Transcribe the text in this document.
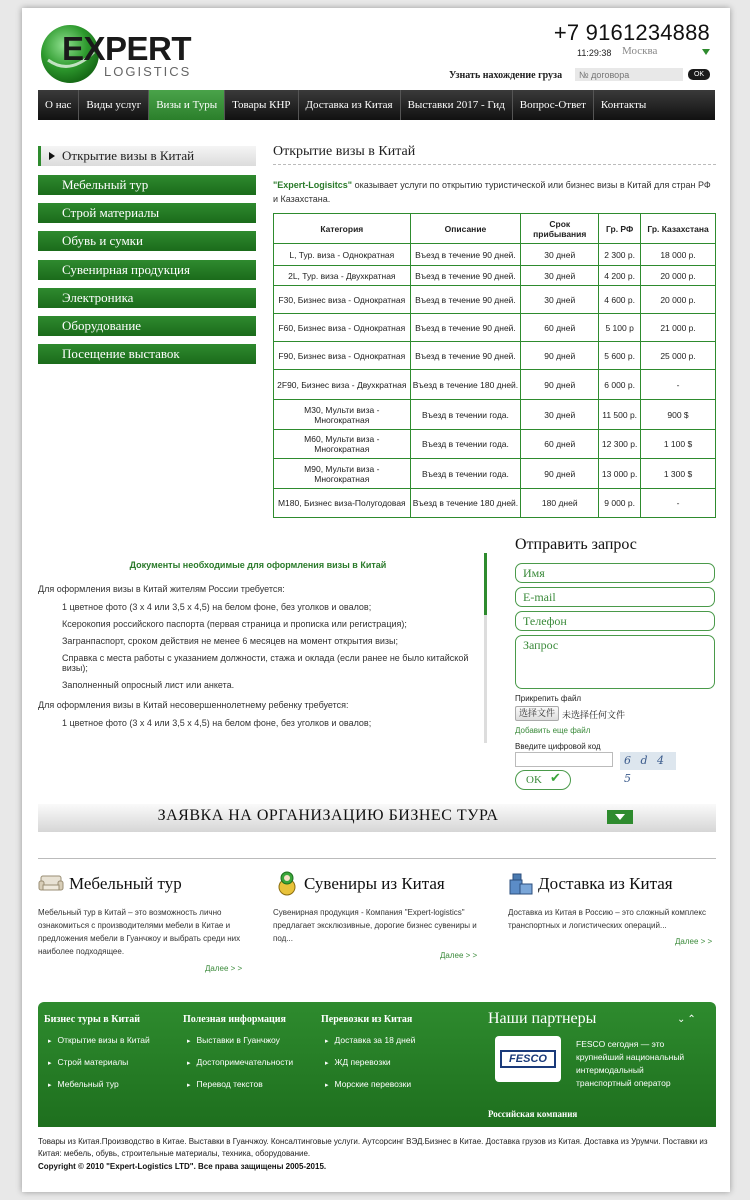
EXPERT
LOGISTICS
+7 9161234888
11:29:38 Москва
Узнать нахождение груза
№ договора	OK
О нас	Виды услуг	Визы и Туры	Товары КНР	Доставка из Китая	Выставки 2017 - Гид	Вопрос-Ответ	Контакты
Открытие визы в Китай
Мебельный тур
Строй материалы
Обувь и сумки
Сувенирная продукция
Электроника
Оборудование
Посещение выставок
Открытие визы в Китай
"Expert-Logisitcs" оказывает услуги по открытию туристической или бизнес визы в Китай для стран РФ и Казахстана.
Категория	Описание	Срок прибывания	Гр. РФ	Гр. Казахстана
L, Тур. виза - Однократная	Въезд в течение 90 дней.	30 дней	2 300 р.	18 000 р.
2L, Тур. виза - Двухкратная	Въезд в течение 90 дней.	30 дней	4 200 р.	20 000 р.
F30, Бизнес виза - Однократная	Въезд в течение 90 дней.	30 дней	4 600 р.	20 000 р.
F60, Бизнес виза - Однократная	Въезд в течение 90 дней.	60 дней	5 100 р	21 000 р.
F90, Бизнес виза - Однократная	Въезд в течение 90 дней.	90 дней	5 600 р.	25 000 р.
2F90, Бизнес виза - Двухкратная	Въезд в течение 180 дней.	90 дней	6 000 р.	-
M30, Мульти виза - Многократная	Въезд в течении года.	30 дней	11 500 р.	900 $
M60, Мульти виза - Многократная	Въезд в течении года.	60 дней	12 300 р.	1 100 $
M90, Мульти виза - Многократная	Въезд в течении года.	90 дней	13 000 р.	1 300 $
M180, Бизнес виза-Полугодовая	Въезд в течение 180 дней.	180 дней	9 000 р.	-
Документы необходимые для оформления визы в Китай

Для оформления визы в Китай жителям России требуется:

1 цветное фото (3 х 4 или 3,5 х 4,5) на белом фоне, без уголков и овалов;
Ксерокопия российского паспорта (первая страница и прописка или регистрация);
Загранпаспорт, сроком действия не менее 6 месяцев на момент открытия визы;
Справка с места работы с указанием должности, стажа и оклада (если ранее не было китайской визы);
Заполненный опросный лист или анкета.

Для оформления визы в Китай несовершеннолетнему ребенку требуется:

1 цветное фото (3 х 4 или 3,5 х 4,5) на белом фоне, без уголков и овалов;
Отправить запрос
Имя
E-mail
Телефон
Запрос
Прикрепить файл
选择文件 未选择任何文件
Добавить еще файл
Введите цифровой код
6 d 4 5
OK ✔
ЗАЯВКА НА ОРГАНИЗАЦИЮ БИЗНЕС ТУРА
Мебельный тур
Мебельный тур в Китай – это возможность лично ознакомиться с производителями мебели в Китае и предложения мебели в Гуанчжоу и выбрать среди них наиболее подходящее.
Далее > >
Сувениры из Китая
Сувенирная продукция - Компания "Expert-logistics" предлагает эксклюзивные, дорогие бизнес сувениры и под...
Далее > >
Доставка из Китая
Доставка из Китая в Россию – это сложный комплекс транспортных и логистических операций...
Далее > >
Бизнес туры в Китай
▸ Открытие визы в Китай
▸ Строй материалы
▸ Мебельный тур
Полезная информация
▸ Выставки в Гуанчжоу
▸ Достопримечательности
▸ Перевод текстов
Перевозки из Китая
▸ Доставка за 18 дней
▸ ЖД перевозки
▸ Морские перевозки
Наши партнеры	⌄⌃
FESCO
FESCO сегодня — это крупнейший национальный интермодальный транспортный оператор
Российская компания
Товары из Китая.Производство в Китае. Выставки в Гуанчжоу. Консалтинговые услуги. Аутсорсинг ВЭД.Бизнес в Китае. Доставка грузов из Китая. Доставка из Урумчи. Поставки из Китая: мебель, обувь, строительные материалы, техника, оборудование.
Copyright © 2010 "Expert-Logistics LTD". Все права защищены 2005-2015.
